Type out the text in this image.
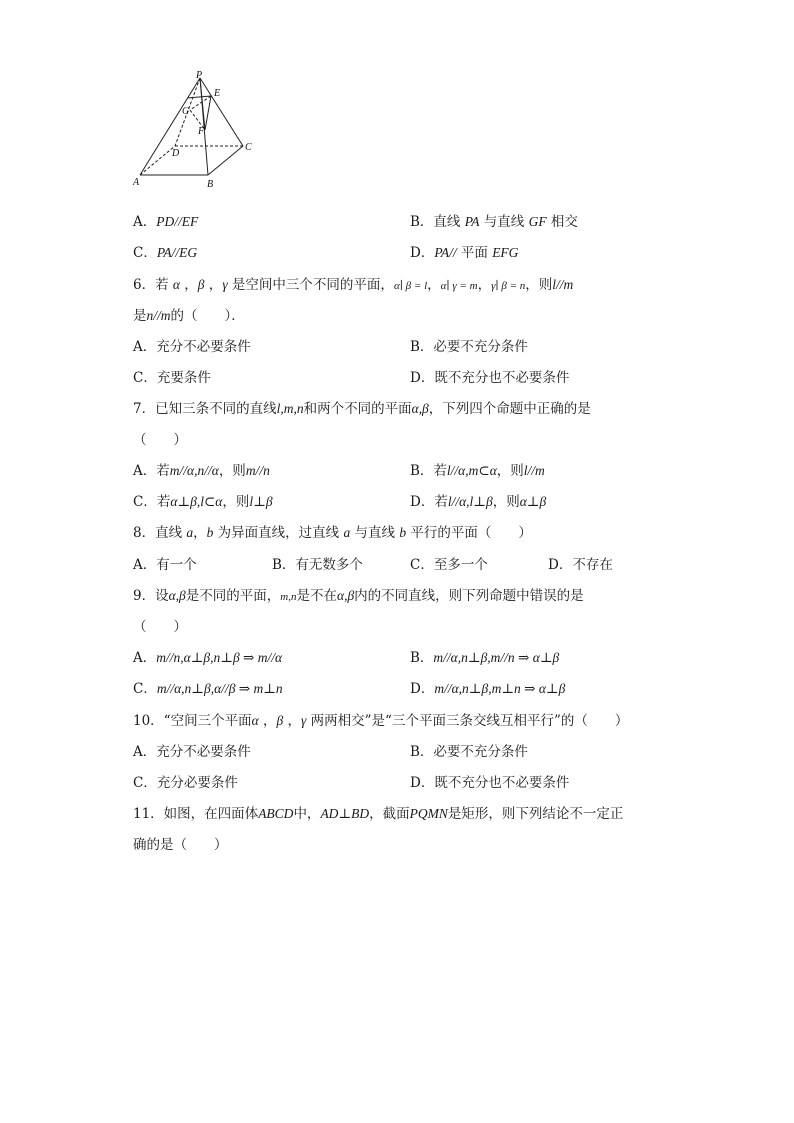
P
E
G
F
D
C
A	B
A．PD//EF	B．直线 PA 与直线 GF 相交
C．PA//EG	D．PA// 平面 EFG
6．若 α ，β ，γ 是空间中三个不同的平面，α∣ β = l，α∣ γ = m，γ∣ β = n，则l//m
是n//m的（　　）．
A．充分不必要条件	B．必要不充分条件
C．充要条件	D．既不充分也不必要条件
7．已知三条不同的直线l,m,n和两个不同的平面α,β，下列四个命题中正确的是
（　　）
A．若m//α,n//α，则m//n	B．若l//α,m⊂α，则l//m
C．若α⊥β,l⊂α，则l⊥β	D．若l//α,l⊥β，则α⊥β
8．直线 a，b 为异面直线，过直线 a 与直线 b 平行的平面（　　）
A．有一个	B．有无数多个	C．至多一个	D．不存在
9．设α,β是不同的平面，m,n是不在α,β内的不同直线，则下列命题中错误的是
（　　）
A．m//n,α⊥β,n⊥β ⇒ m//α	B．m//α,n⊥β,m//n ⇒ α⊥β
C．m//α,n⊥β,α//β ⇒ m⊥n	D．m//α,n⊥β,m⊥n ⇒ α⊥β
10．“空间三个平面α ，β ，γ 两两相交”是“三个平面三条交线互相平行”的（　　）
A．充分不必要条件	B．必要不充分条件
C．充分必要条件	D．既不充分也不必要条件
11．如图，在四面体ABCD中，AD⊥BD，截面PQMN是矩形，则下列结论不一定正
确的是（　　）
